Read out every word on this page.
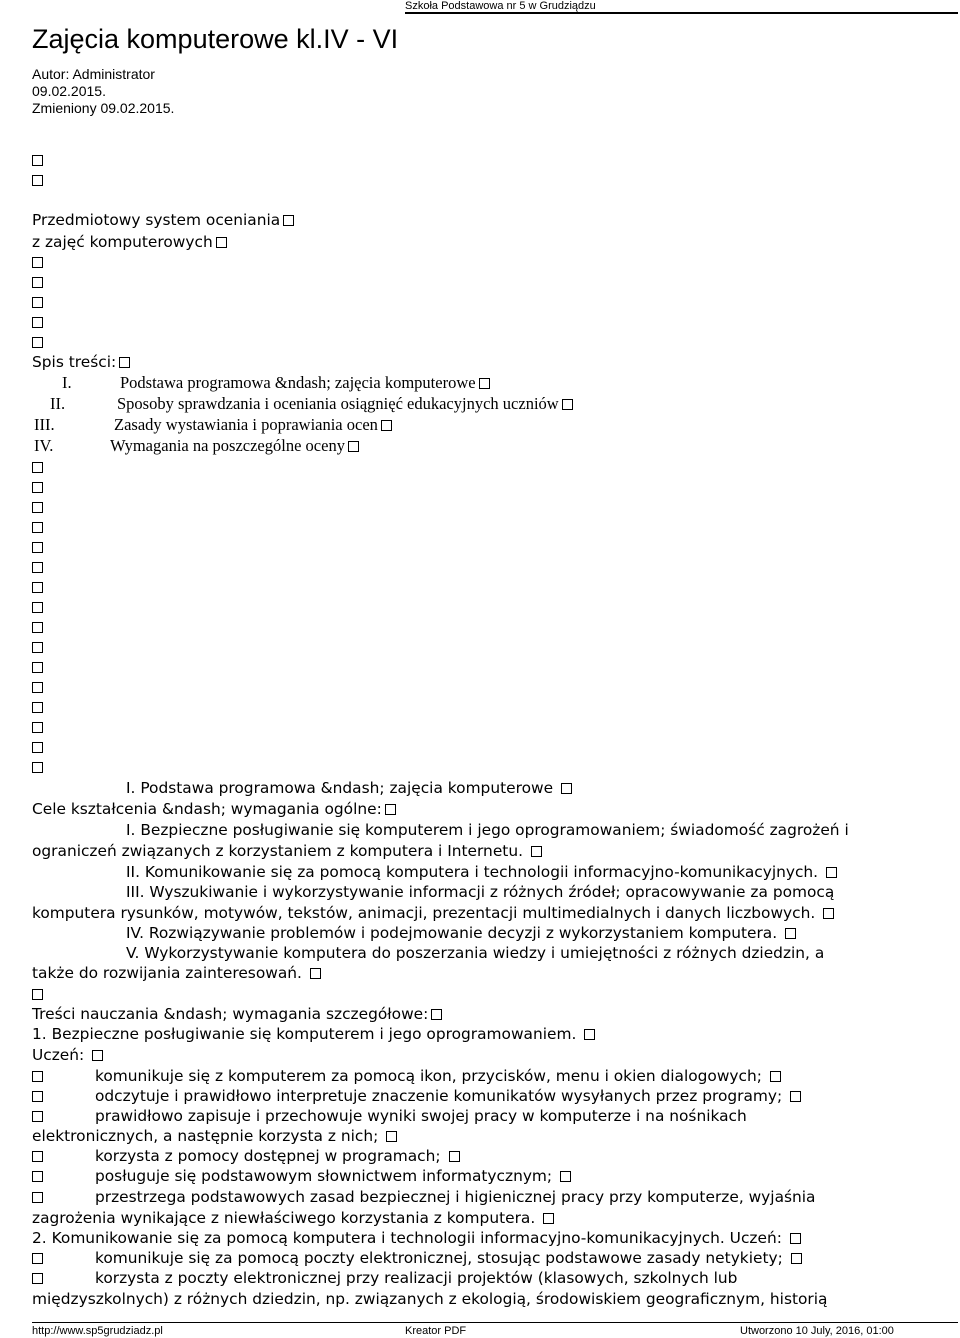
Szkoła Podstawowa nr 5 w Grudziądzu
Zajęcia komputerowe kl.IV - VI
Autor: Administrator
09.02.2015.
Zmieniony 09.02.2015.
Przedmiotowy system oceniania
z zajęć komputerowych
Spis treści:
I.	Podstawa programowa &ndash; zajęcia komputerowe
II.	Sposoby sprawdzania i oceniania osiągnięć edukacyjnych uczniów
III.	Zasady wystawiania i poprawiania ocen
IV.	Wymagania na poszczególne oceny
I. Podstawa programowa &ndash; zajęcia komputerowe
Cele kształcenia &ndash; wymagania ogólne:
I. Bezpieczne posługiwanie się komputerem i jego oprogramowaniem; świadomość zagrożeń i
ograniczeń związanych z korzystaniem z komputera i Internetu.
II. Komunikowanie się za pomocą komputera i technologii informacyjno-komunikacyjnych.
III. Wyszukiwanie i wykorzystywanie informacji z różnych źródeł; opracowywanie za pomocą
komputera rysunków, motywów, tekstów, animacji, prezentacji multimedialnych i danych liczbowych.
IV. Rozwiązywanie problemów i podejmowanie decyzji z wykorzystaniem komputera.
V. Wykorzystywanie komputera do poszerzania wiedzy i umiejętności z różnych dziedzin, a
także do rozwijania zainteresowań.
Treści nauczania &ndash; wymagania szczegółowe:
1. Bezpieczne posługiwanie się komputerem i jego oprogramowaniem.
Uczeń:
komunikuje się z komputerem za pomocą ikon, przycisków, menu i okien dialogowych;
odczytuje i prawidłowo interpretuje znaczenie komunikatów wysyłanych przez programy;
prawidłowo zapisuje i przechowuje wyniki swojej pracy w komputerze i na nośnikach
elektronicznych, a następnie korzysta z nich;
korzysta z pomocy dostępnej w programach;
posługuje się podstawowym słownictwem informatycznym;
przestrzega podstawowych zasad bezpiecznej i higienicznej pracy przy komputerze, wyjaśnia
zagrożenia wynikające z niewłaściwego korzystania z komputera.
2. Komunikowanie się za pomocą komputera i technologii informacyjno-komunikacyjnych. Uczeń:
komunikuje się za pomocą poczty elektronicznej, stosując podstawowe zasady netykiety;
korzysta z poczty elektronicznej przy realizacji projektów (klasowych, szkolnych lub
międzyszkolnych) z różnych dziedzin, np. związanych z ekologią, środowiskiem geograficznym, historią
http://www.sp5grudziadz.pl	Kreator PDF	Utworzono 10 July, 2016, 01:00
